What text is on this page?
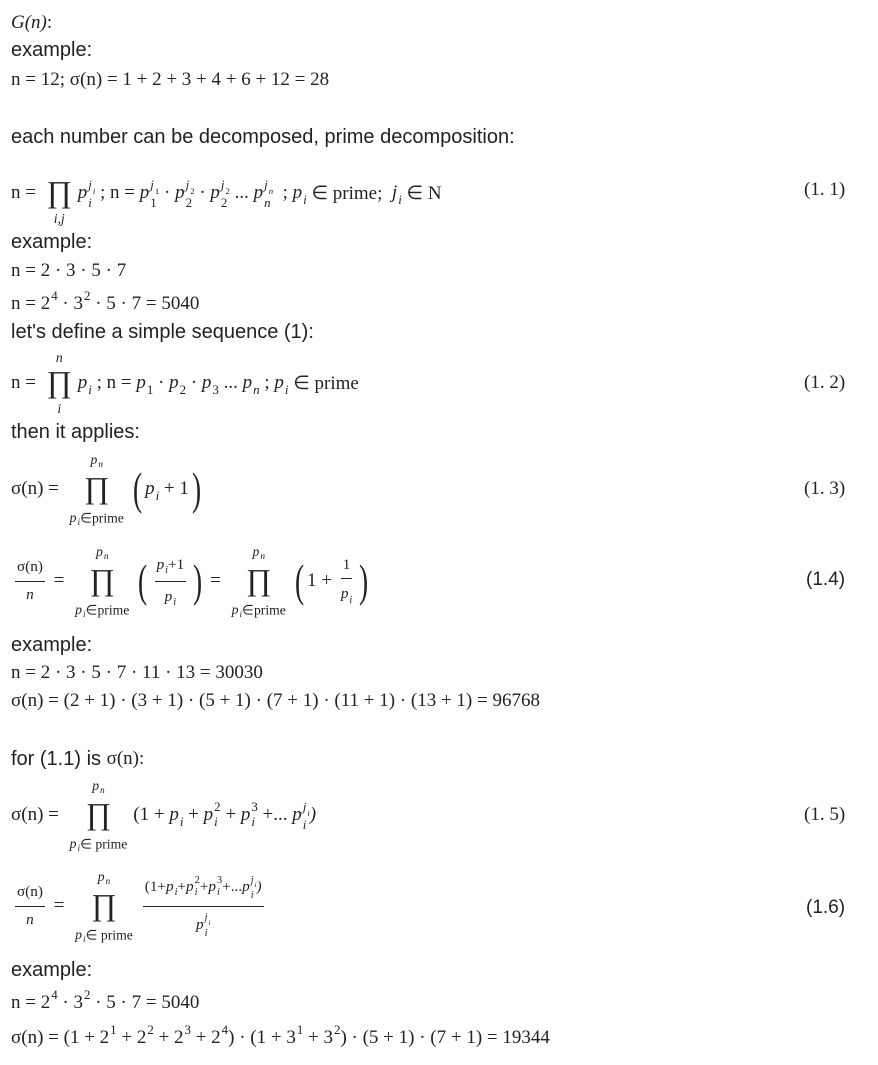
G(n) :
example:
n = 12; σ(n) = 1 + 2 + 3 + 4 + 6 + 12 = 28
each number can be decomposed, prime decomposition:
n =
∏
i,j
p j
i
i ; n = p j
1
1 · p j
2
2 · p j
2
2 ... p j
n
n ; p
i ∈ prime; j
i ∈ N	(1. 1)
example:
n = 2 · 3 · 5 · 7
n = 2 4
· 3 2
· 5 · 7 = 5040
let's define a simple sequence (1):
n =
n
∏
i
p
i ; n = p
1 · p
2 · p
3 ... p
n ; p
i ∈ prime	(1. 2)
then it applies:
σ(n) =
p
n
∏
p
i ∈prime
( p
i + 1 )	(1. 3)
$\frac{\sigma(n)}{n}$ =
p
n
∏
p
i ∈prime
( p
i +1
p
i ) =
p
n
∏
p
i ∈prime
( 1 + 1
p
i )	(1.4)
example:
n = 2 · 3 · 5 · 7 · 11 · 13 = 30030
σ(n) = (2 + 1) · (3 + 1) · (5 + 1) · (7 + 1) · (11 + 1) · (13 + 1) = 96768
for (1.1) is σ(n) :
σ(n) =
p
n
∏
p
i ∈ prime
(1 + p
i + p 2
i + p 3
i +... p j
i
i )	(1. 5)
$\frac{\sigma(n)}{n}$ =
p
n
∏
p
i ∈ prime (1+ p
i + p 2
i + p 3
i +... p j
i
i
)
p j
i
i	(1.6)
example:
n = 2 4
· 3 2
· 5 · 7 = 5040
σ(n) = (1 + 2 1
+ 2 2
+ 2 3
+ 2 4
) · (1 + 3 1
+ 3 2
) · (5 + 1) · (7 + 1) = 19344
